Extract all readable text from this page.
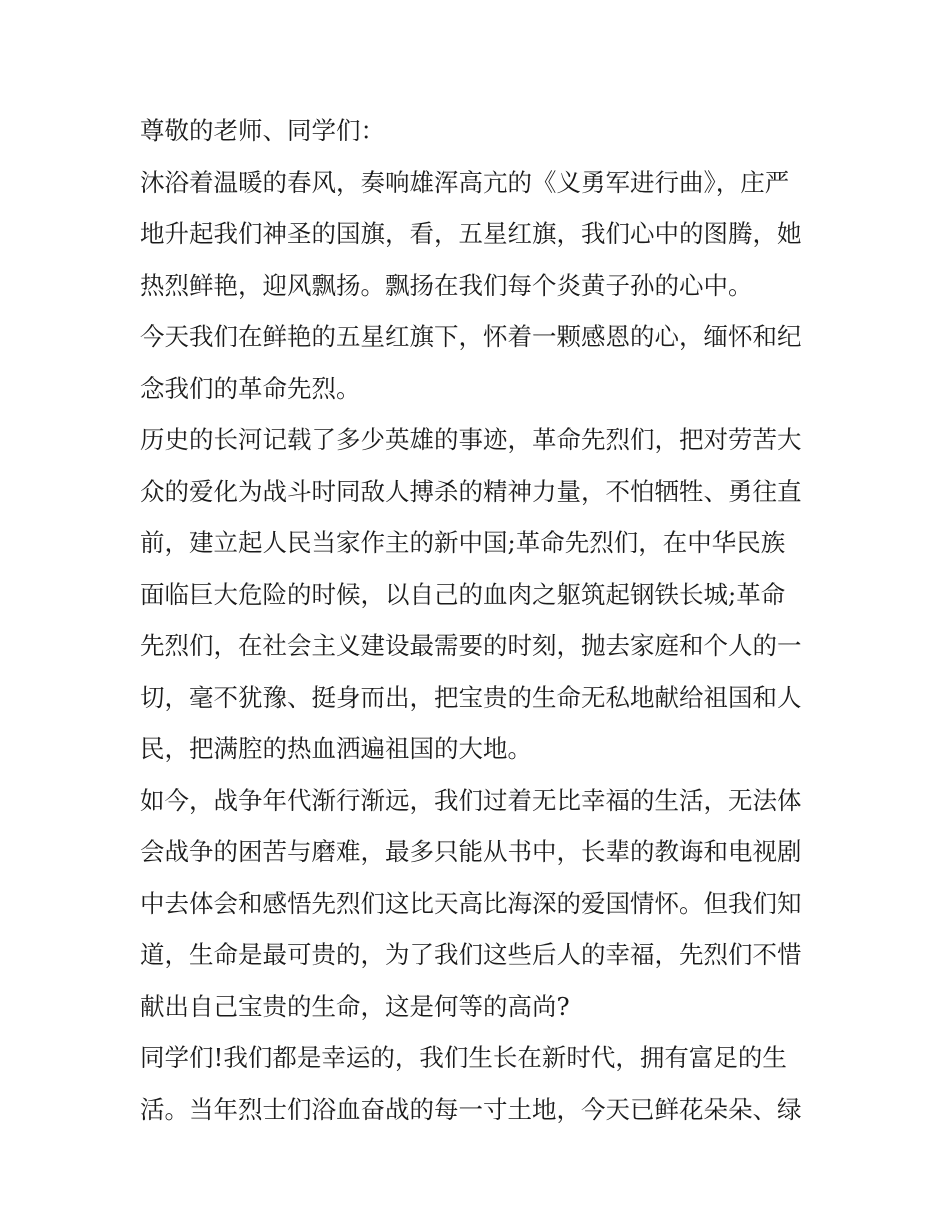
尊敬的老师、同学们：
沐浴着温暖的春风，奏响雄浑高亢的《义勇军进行曲》，庄严
地升起我们神圣的国旗，看，五星红旗，我们心中的图腾，她
热烈鲜艳，迎风飘扬。飘扬在我们每个炎黄子孙的心中。
今天我们在鲜艳的五星红旗下，怀着一颗感恩的心，缅怀和纪
念我们的革命先烈。
历史的长河记载了多少英雄的事迹，革命先烈们，把对劳苦大
众的爱化为战斗时同敌人搏杀的精神力量，不怕牺牲、勇往直
前，建立起人民当家作主的新中国;革命先烈们，在中华民族
面临巨大危险的时候，以自己的血肉之躯筑起钢铁长城;革命
先烈们，在社会主义建设最需要的时刻，抛去家庭和个人的一
切，毫不犹豫、挺身而出，把宝贵的生命无私地献给祖国和人
民，把满腔的热血洒遍祖国的大地。
如今，战争年代渐行渐远，我们过着无比幸福的生活，无法体
会战争的困苦与磨难，最多只能从书中，长辈的教诲和电视剧
中去体会和感悟先烈们这比天高比海深的爱国情怀。但我们知
道，生命是最可贵的，为了我们这些后人的幸福，先烈们不惜
献出自己宝贵的生命，这是何等的高尚?
同学们!我们都是幸运的，我们生长在新时代，拥有富足的生
活。当年烈士们浴血奋战的每一寸土地，今天已鲜花朵朵、绿
